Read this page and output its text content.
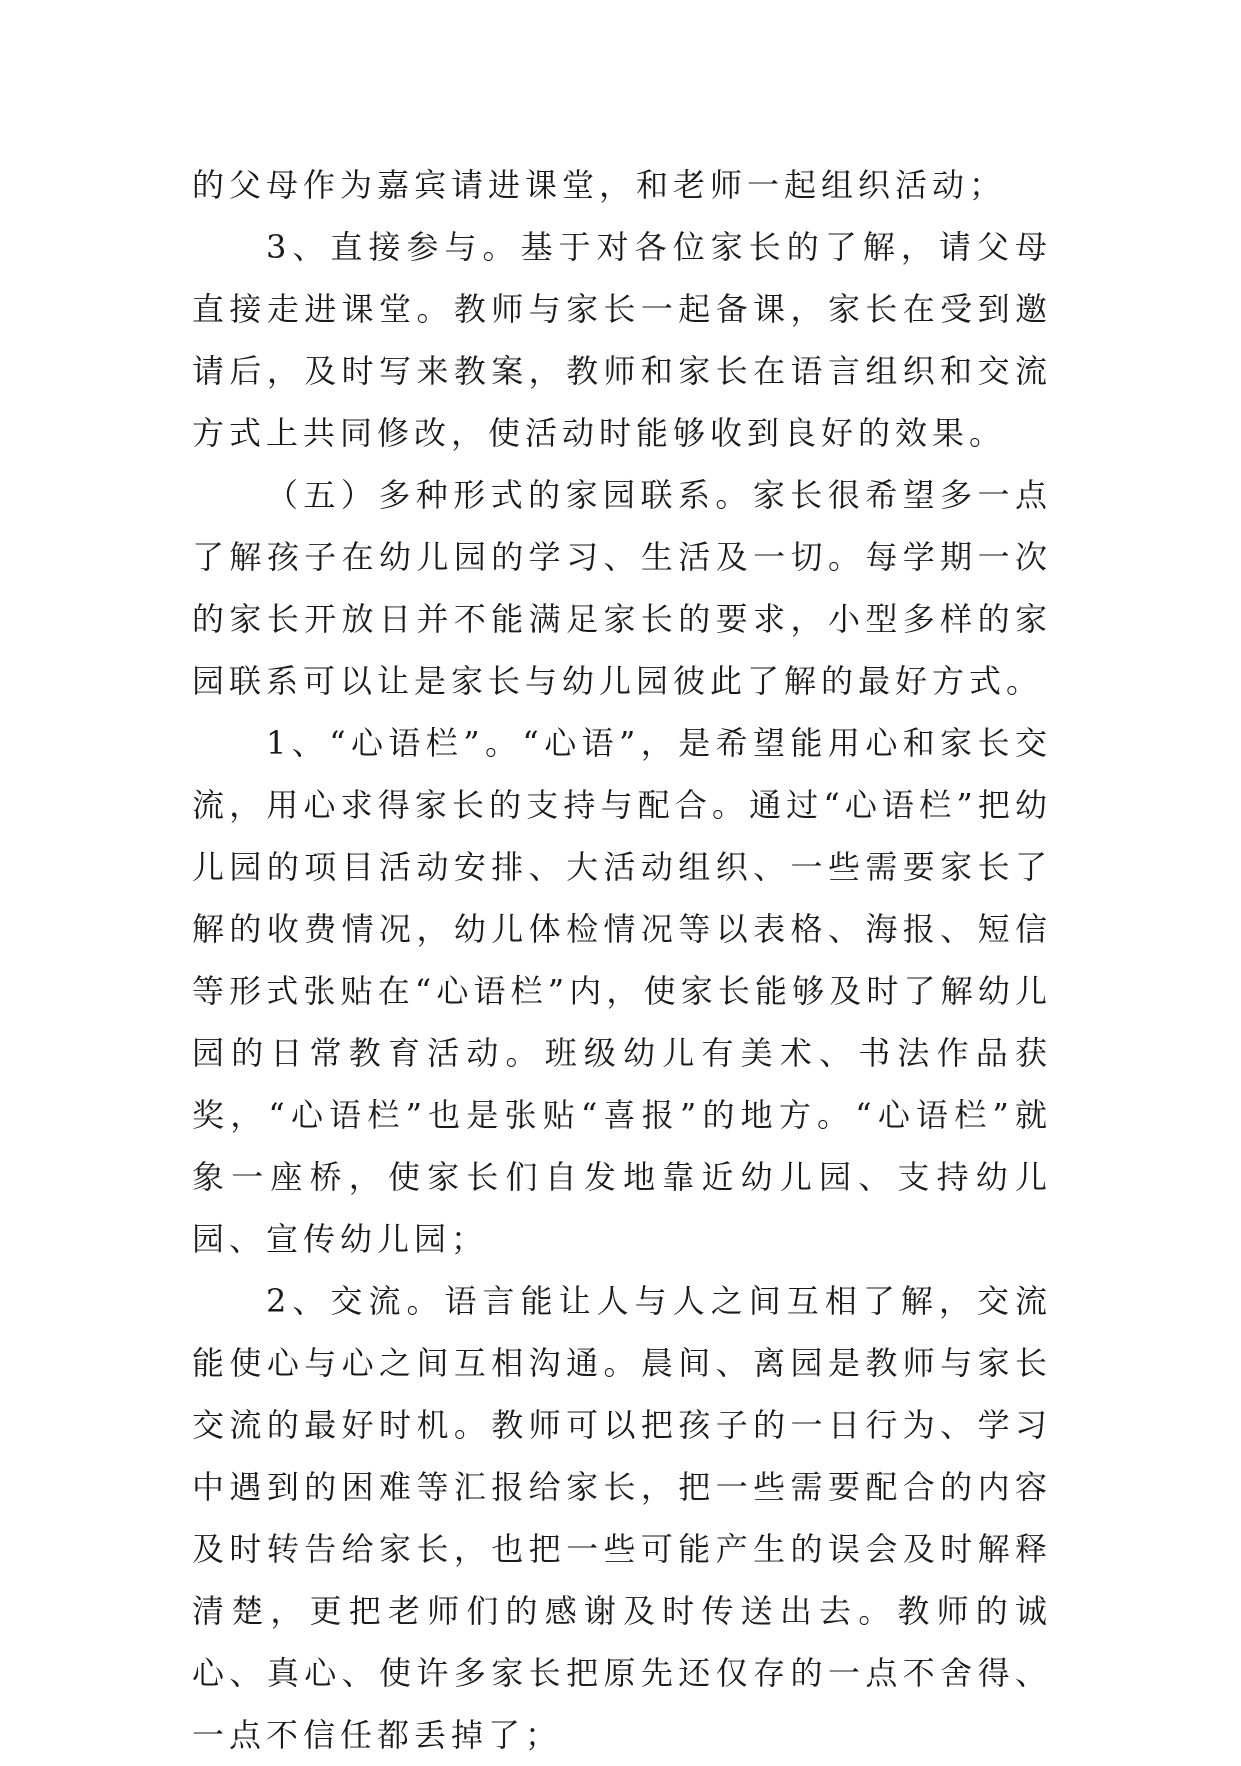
的父母作为嘉宾请进课堂，和老师一起组织活动；

3、直接参与。基于对各位家长的了解，请父母直接走进课堂。教师与家长一起备课，家长在受到邀请后，及时写来教案，教师和家长在语言组织和交流方式上共同修改，使活动时能够收到良好的效果。

（五）多种形式的家园联系。家长很希望多一点了解孩子在幼儿园的学习、生活及一切。每学期一次的家长开放日并不能满足家长的要求，小型多样的家园联系可以让是家长与幼儿园彼此了解的最好方式。

1、“心语栏”。“心语”，是希望能用心和家长交流，用心求得家长的支持与配合。通过“心语栏”把幼儿园的项目活动安排、大活动组织、一些需要家长了解的收费情况，幼儿体检情况等以表格、海报、短信等形式张贴在“心语栏”内，使家长能够及时了解幼儿园的日常教育活动。班级幼儿有美术、书法作品获奖，“心语栏”也是张贴“喜报”的地方。“心语栏”就象一座桥，使家长们自发地靠近幼儿园、支持幼儿园、宣传幼儿园；

2、交流。语言能让人与人之间互相了解，交流能使心与心之间互相沟通。晨间、离园是教师与家长交流的最好时机。教师可以把孩子的一日行为、学习中遇到的困难等汇报给家长，把一些需要配合的内容及时转告给家长，也把一些可能产生的误会及时解释清楚，更把老师们的感谢及时传送出去。教师的诚心、真心、使许多家长把原先还仅存的一点不舍得、一点不信任都丢掉了；
